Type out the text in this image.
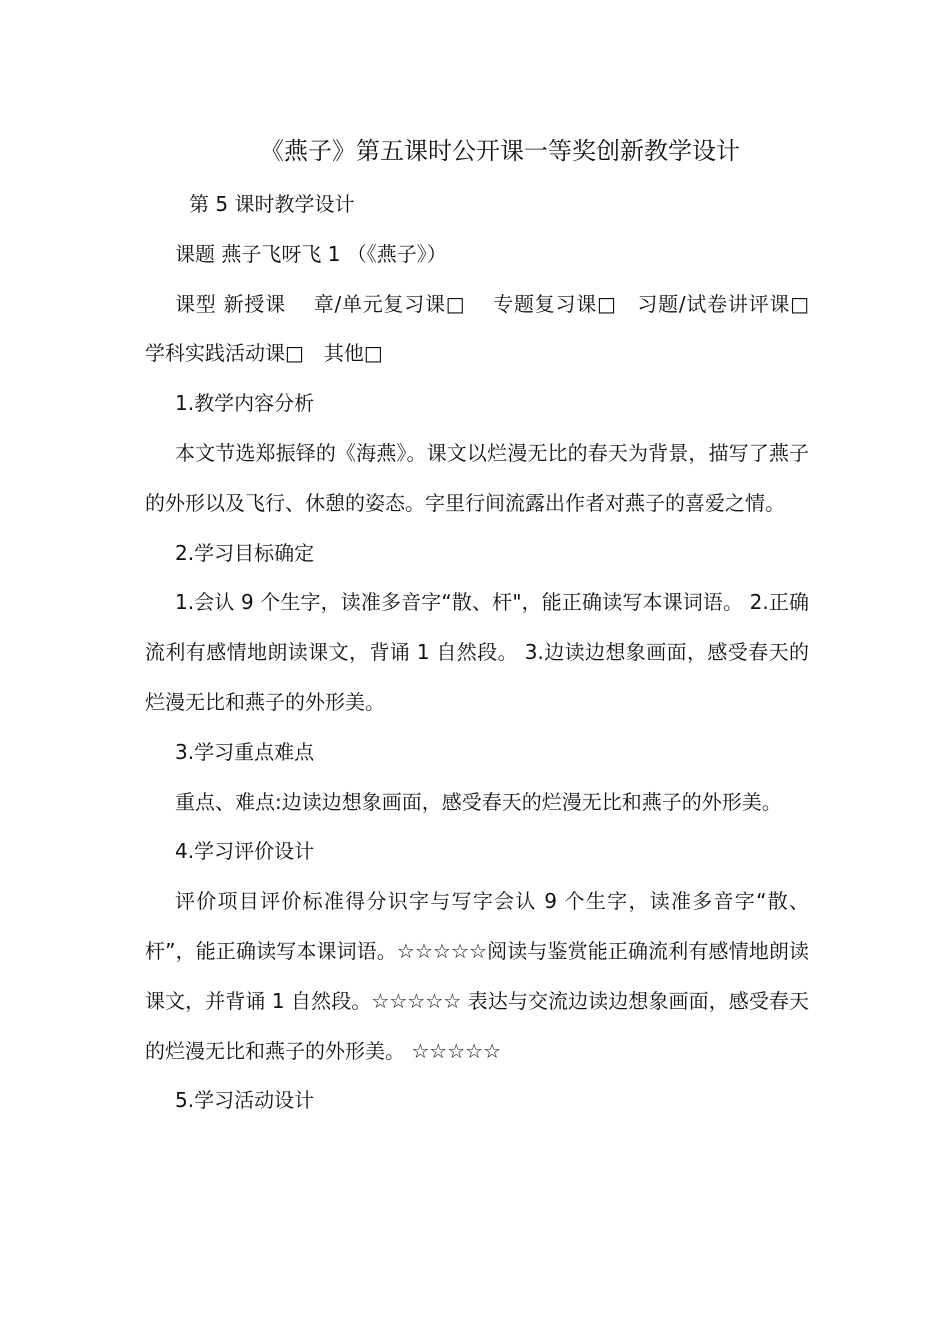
《燕子》第五课时公开课一等奖创新教学设计

第 5 课时教学设计

课题 燕子飞呀飞 1 （《燕子》）

课型 新授课　 章/单元复习课□　 专题复习课□　习题/试卷讲评课□　学科实践活动课□　其他□

1.教学内容分析

本文节选郑振铎的《海燕》。课文以烂漫无比的春天为背景，描写了燕子的外形以及飞行、休憩的姿态。字里行间流露出作者对燕子的喜爱之情。

2.学习目标确定

1.会认 9 个生字，读准多音字“散、杆"，能正确读写本课词语。 2.正确流利有感情地朗读课文，背诵 1 自然段。 3.边读边想象画面，感受春天的烂漫无比和燕子的外形美。

3.学习重点难点

重点、难点:边读边想象画面，感受春天的烂漫无比和燕子的外形美。

4.学习评价设计

评价项目评价标准得分识字与写字会认 9 个生字，读准多音字“散、杆”，能正确读写本课词语。☆☆☆☆☆阅读与鉴赏能正确流利有感情地朗读课文，并背诵 1 自然段。☆☆☆☆☆ 表达与交流边读边想象画面，感受春天的烂漫无比和燕子的外形美。 ☆☆☆☆☆

5.学习活动设计
